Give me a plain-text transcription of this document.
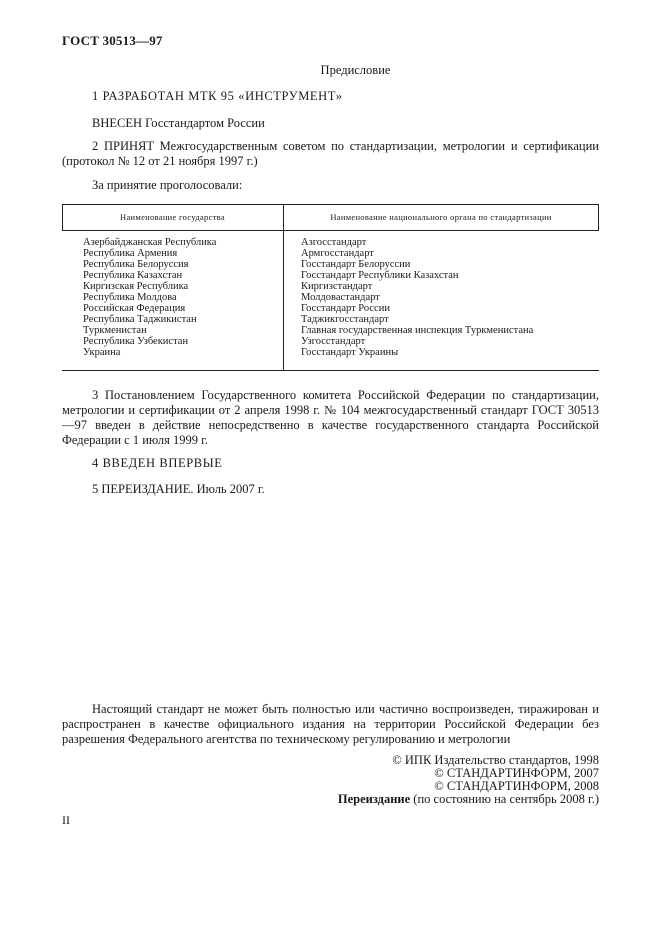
ГОСТ 30513—97
Предисловие
1 РАЗРАБОТАН МТК 95 «ИНСТРУМЕНТ»
ВНЕСЕН Госстандартом России
2 ПРИНЯТ Межгосударственным советом по стандартизации, метрологии и сертификации (протокол № 12 от 21 ноября 1997 г.)
За принятие проголосовали:
Наименование государства	Наименование национального органа по стандартизации
Азербайджанская Республика
Республика Армения
Республика Белоруссия
Республика Казахстан
Киргизская Республика
Республика Молдова
Российская Федерация
Республика Таджикистан
Туркменистан
Республика Узбекистан
Украина
Азгосстандарт
Армгосстандарт
Госстандарт Белоруссии
Госстандарт Республики Казахстан
Киргизстандарт
Молдовастандарт
Госстандарт России
Таджикгосстандарт
Главная государственная инспекция Туркменистана
Узгосстандарт
Госстандарт Украины
3 Постановлением Государственного комитета Российской Федерации по стандартизации, метрологии и сертификации от 2 апреля 1998 г. № 104 межгосударственный стандарт ГОСТ 30513—97 введен в действие непосредственно в качестве государственного стандарта Российской Федерации с 1 июля 1999 г.
4 ВВЕДЕН ВПЕРВЫЕ
5 ПЕРЕИЗДАНИЕ. Июль 2007 г.
Настоящий стандарт не может быть полностью или частично воспроизведен, тиражирован и распространен в качестве официального издания на территории Российской Федерации без разрешения Федерального агентства по техническому регулированию и метрологии
© ИПК Издательство стандартов, 1998
© СТАНДАРТИНФОРМ, 2007
© СТАНДАРТИНФОРМ, 2008
Переиздание (по состоянию на сентябрь 2008 г.)
II
